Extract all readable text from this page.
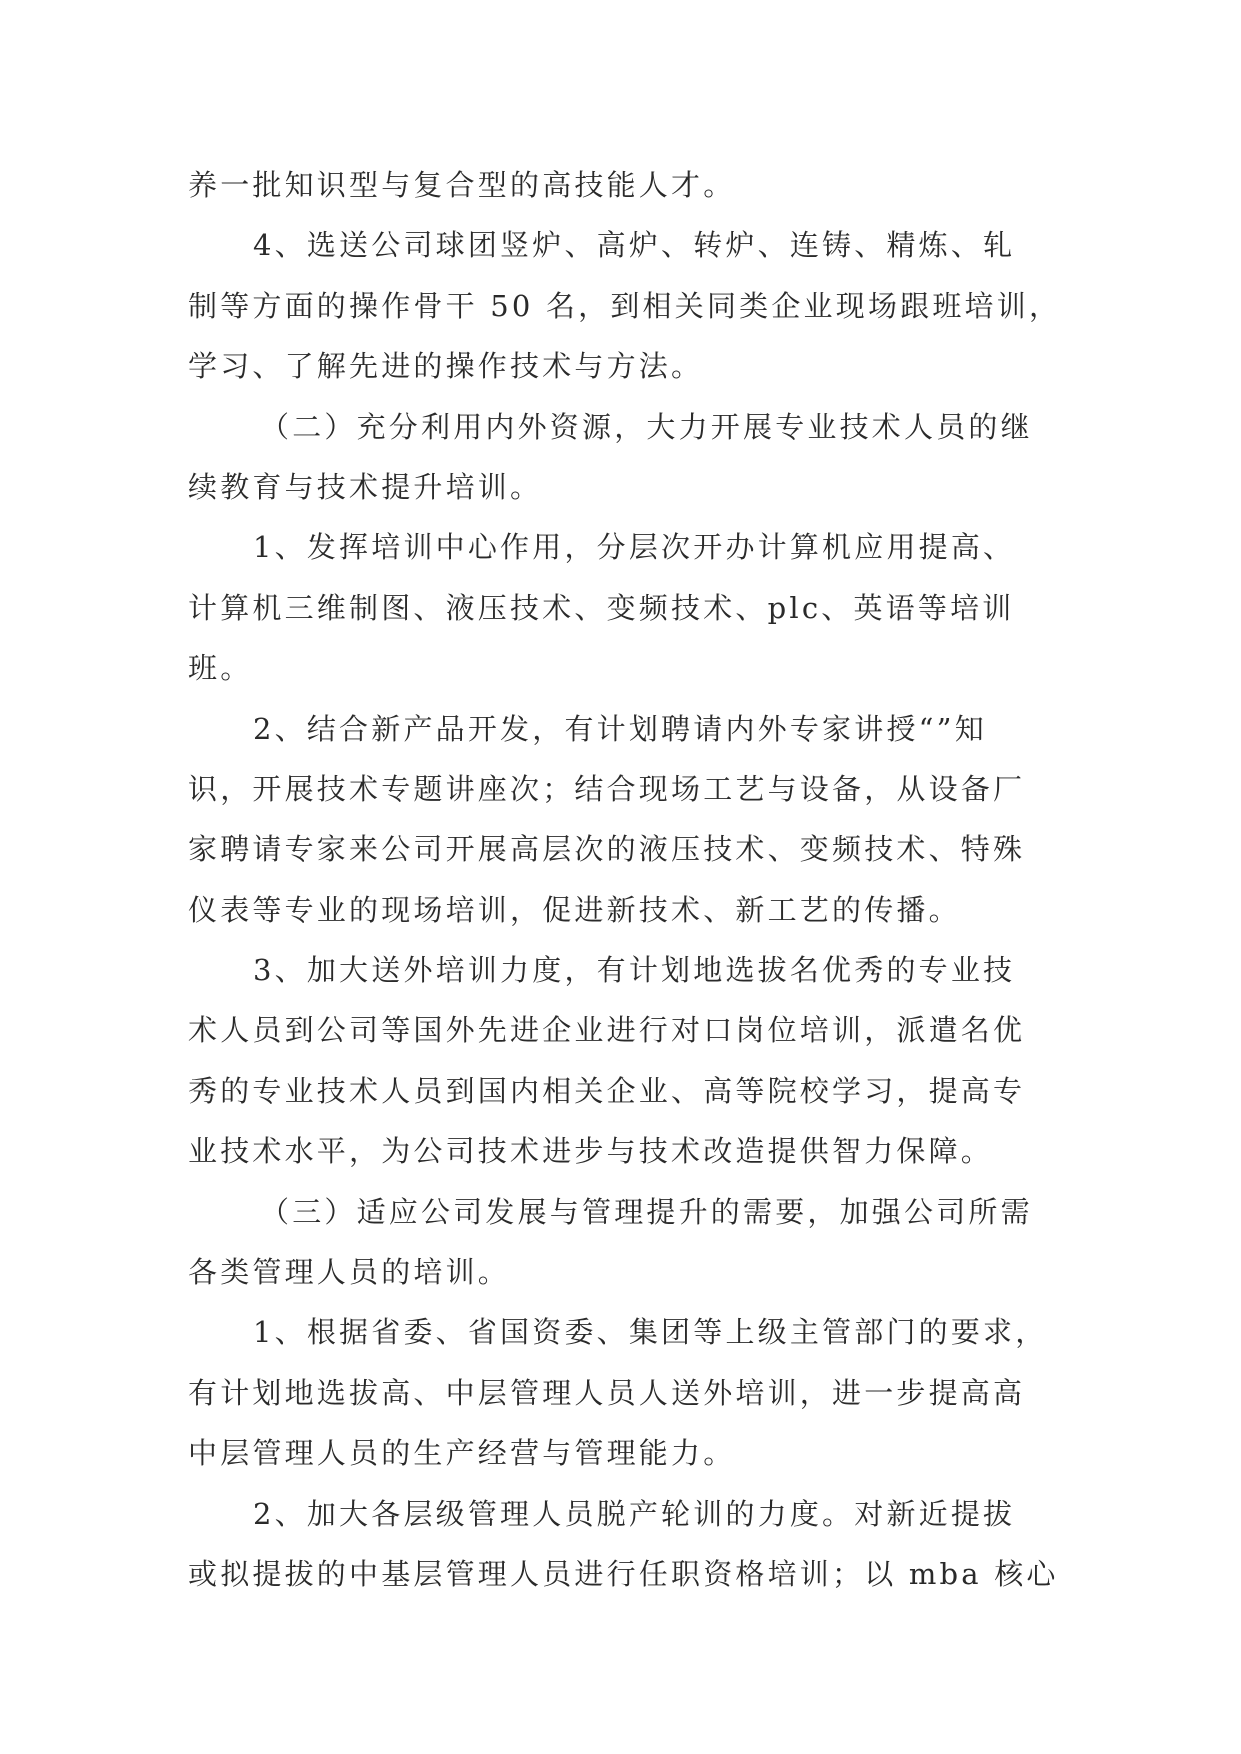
养一批知识型与复合型的高技能人才。
4、选送公司球团竖炉、高炉、转炉、连铸、精炼、轧
制等方面的操作骨干 50 名，到相关同类企业现场跟班培训，
学习、了解先进的操作技术与方法。
（二）充分利用内外资源，大力开展专业技术人员的继
续教育与技术提升培训。
1、发挥培训中心作用，分层次开办计算机应用提高、
计算机三维制图、液压技术、变频技术、plc、英语等培训
班。
2、结合新产品开发，有计划聘请内外专家讲授“”知
识，开展技术专题讲座次；结合现场工艺与设备，从设备厂
家聘请专家来公司开展高层次的液压技术、变频技术、特殊
仪表等专业的现场培训，促进新技术、新工艺的传播。
3、加大送外培训力度，有计划地选拔名优秀的专业技
术人员到公司等国外先进企业进行对口岗位培训，派遣名优
秀的专业技术人员到国内相关企业、高等院校学习，提高专
业技术水平，为公司技术进步与技术改造提供智力保障。
（三）适应公司发展与管理提升的需要，加强公司所需
各类管理人员的培训。
1、根据省委、省国资委、集团等上级主管部门的要求，
有计划地选拔高、中层管理人员人送外培训，进一步提高高
中层管理人员的生产经营与管理能力。
2、加大各层级管理人员脱产轮训的力度。对新近提拔
或拟提拔的中基层管理人员进行任职资格培训；以 mba 核心
